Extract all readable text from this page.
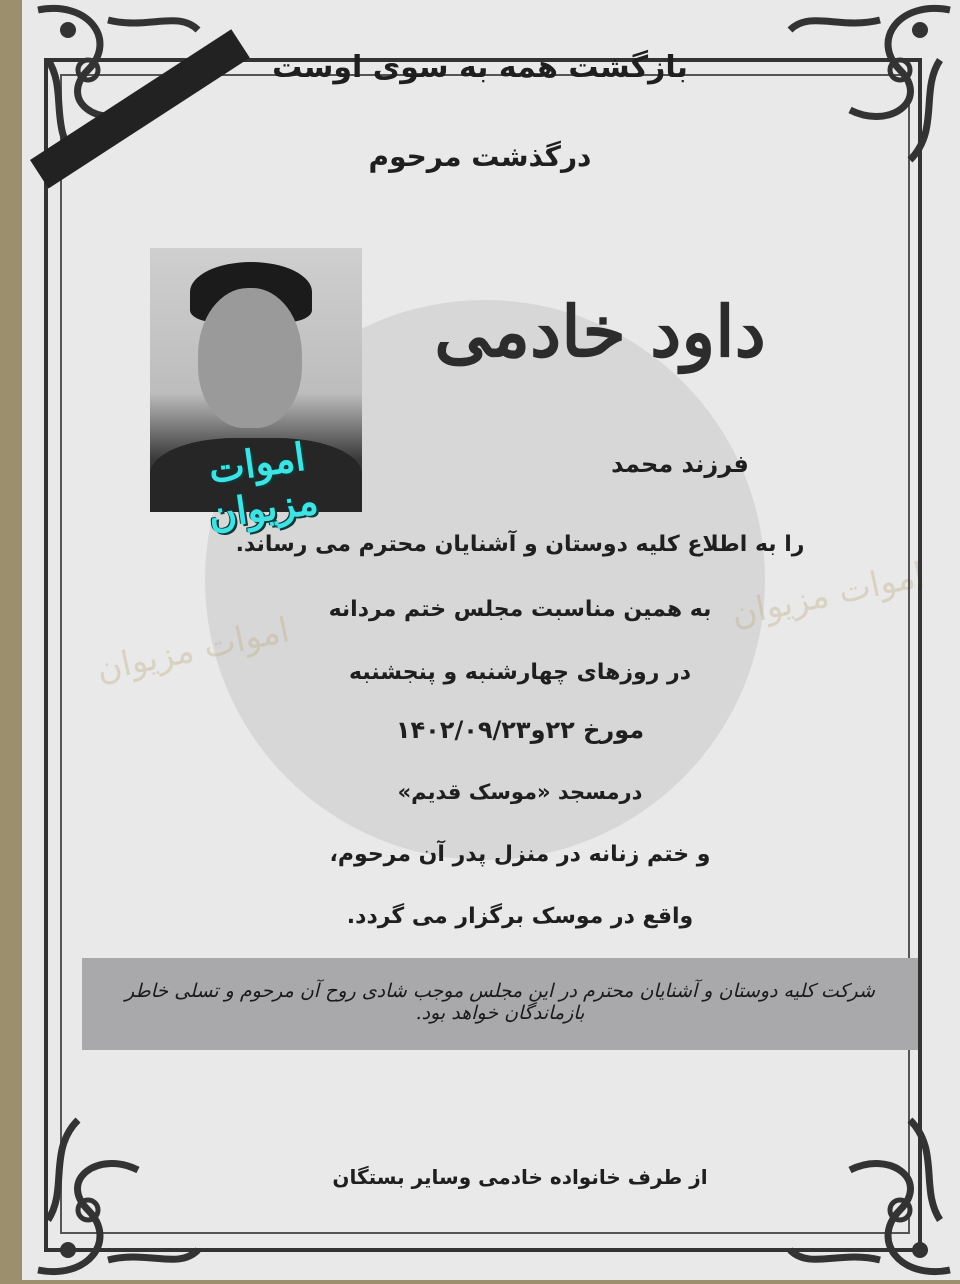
اموات مزیوان
اموات مزیوان
بازگشت همه به سوی اوست
درگذشت مرحوم
اموات مزیوان
داود خادمی
فرزند محمد
را به اطلاع کلیه دوستان و آشنایان محترم می رساند.
به همین مناسبت مجلس ختم مردانه
در روزهای چهارشنبه و پنجشنبه
مورخ ۲۲و۱۴۰۲/۰۹/۲۳
درمسجد «موسک قدیم»
و ختم زنانه در منزل پدر آن مرحوم،
واقع در موسک برگزار می گردد.
شرکت کلیه دوستان و آشنایان محترم در این مجلس موجب شادی روح آن مرحوم و تسلی خاطر بازماندگان خواهد بود.
از طرف خانواده خادمی وسایر بستگان
